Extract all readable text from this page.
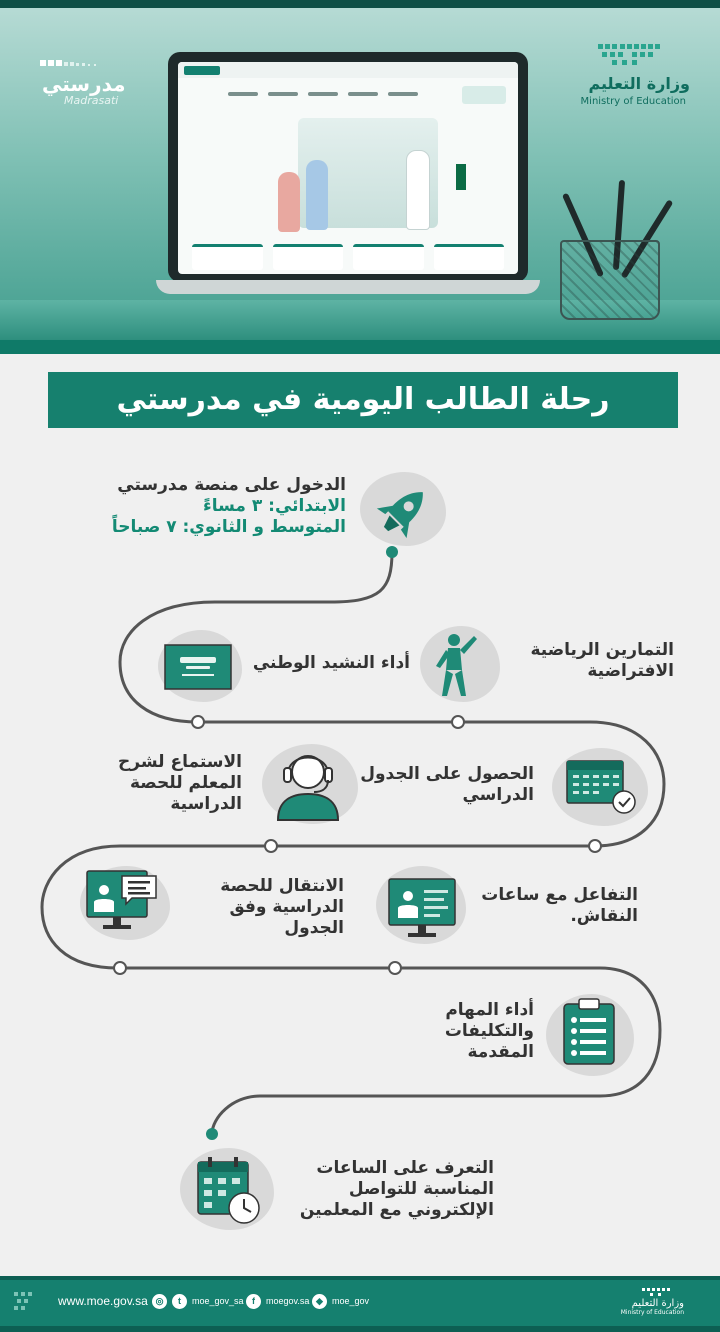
مدرستي
Madrasati
وزارة التعليم
Ministry of Education
رحلة الطالب اليومية في مدرستي
الدخول على منصة مدرستي
الابتدائي: ٣ مساءً
المتوسط و الثانوي: ٧ صباحاً
التمارين الرياضية
الافتراضية
أداء النشيد الوطني
الحصول على الجدول
الدراسي
الاستماع لشرح
المعلم للحصة
الدراسية
التفاعل مع ساعات
النقاش.
الانتقال للحصة
الدراسية وفق
الجدول
أداء المهام
والتكليفات
المقدمة
التعرف على الساعات
المناسبة للتواصل
الإلكتروني مع المعلمين
www.moe.gov.sa ◎	t	moe_gov_sa f	moegov.sa ◆	moe_gov	وزارة التعليم
Ministry of Education
